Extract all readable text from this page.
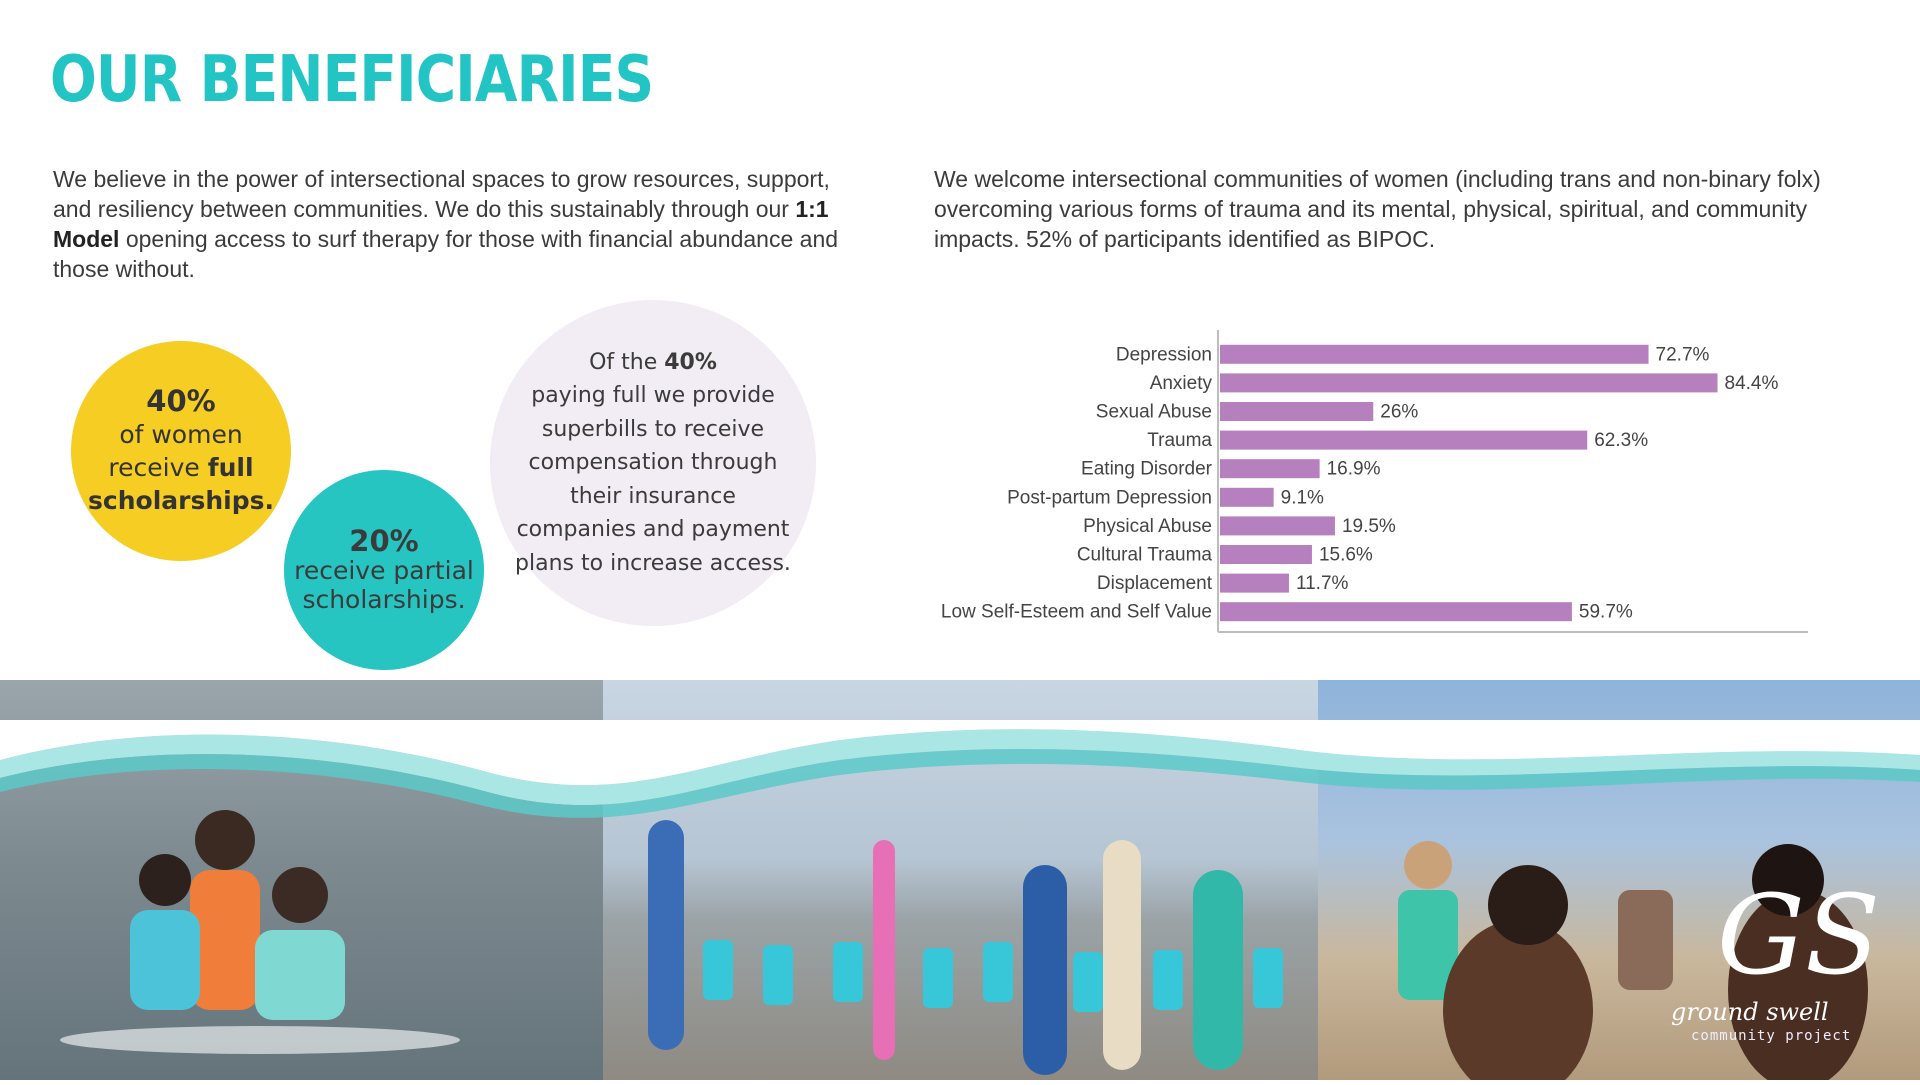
OUR BENEFICIARIES

We believe in the power of intersectional spaces to grow resources, support, and resiliency between communities. We do this sustainably through our 1:1 Model opening access to surf therapy for those with financial abundance and those without.

We welcome intersectional communities of women (including trans and non-binary folx) overcoming various forms of trauma and its mental, physical, spiritual, and community impacts. 52% of participants identified as BIPOC.

40%
of women
receive full
scholarships.
20%
receive partial
scholarships.
Of the 40%
paying full we provide superbills to receive compensation through their insurance companies and payment plans to increase access.
Depression	72.7%
Anxiety	84.4%
Sexual Abuse	26%
Trauma	62.3%
Eating Disorder	16.9%
Post-partum Depression	9.1%
Physical Abuse	19.5%
Cultural Trauma	15.6%
Displacement	11.7%
Low Self-Esteem and Self Value	59.7%
GS
ground swell
community project
